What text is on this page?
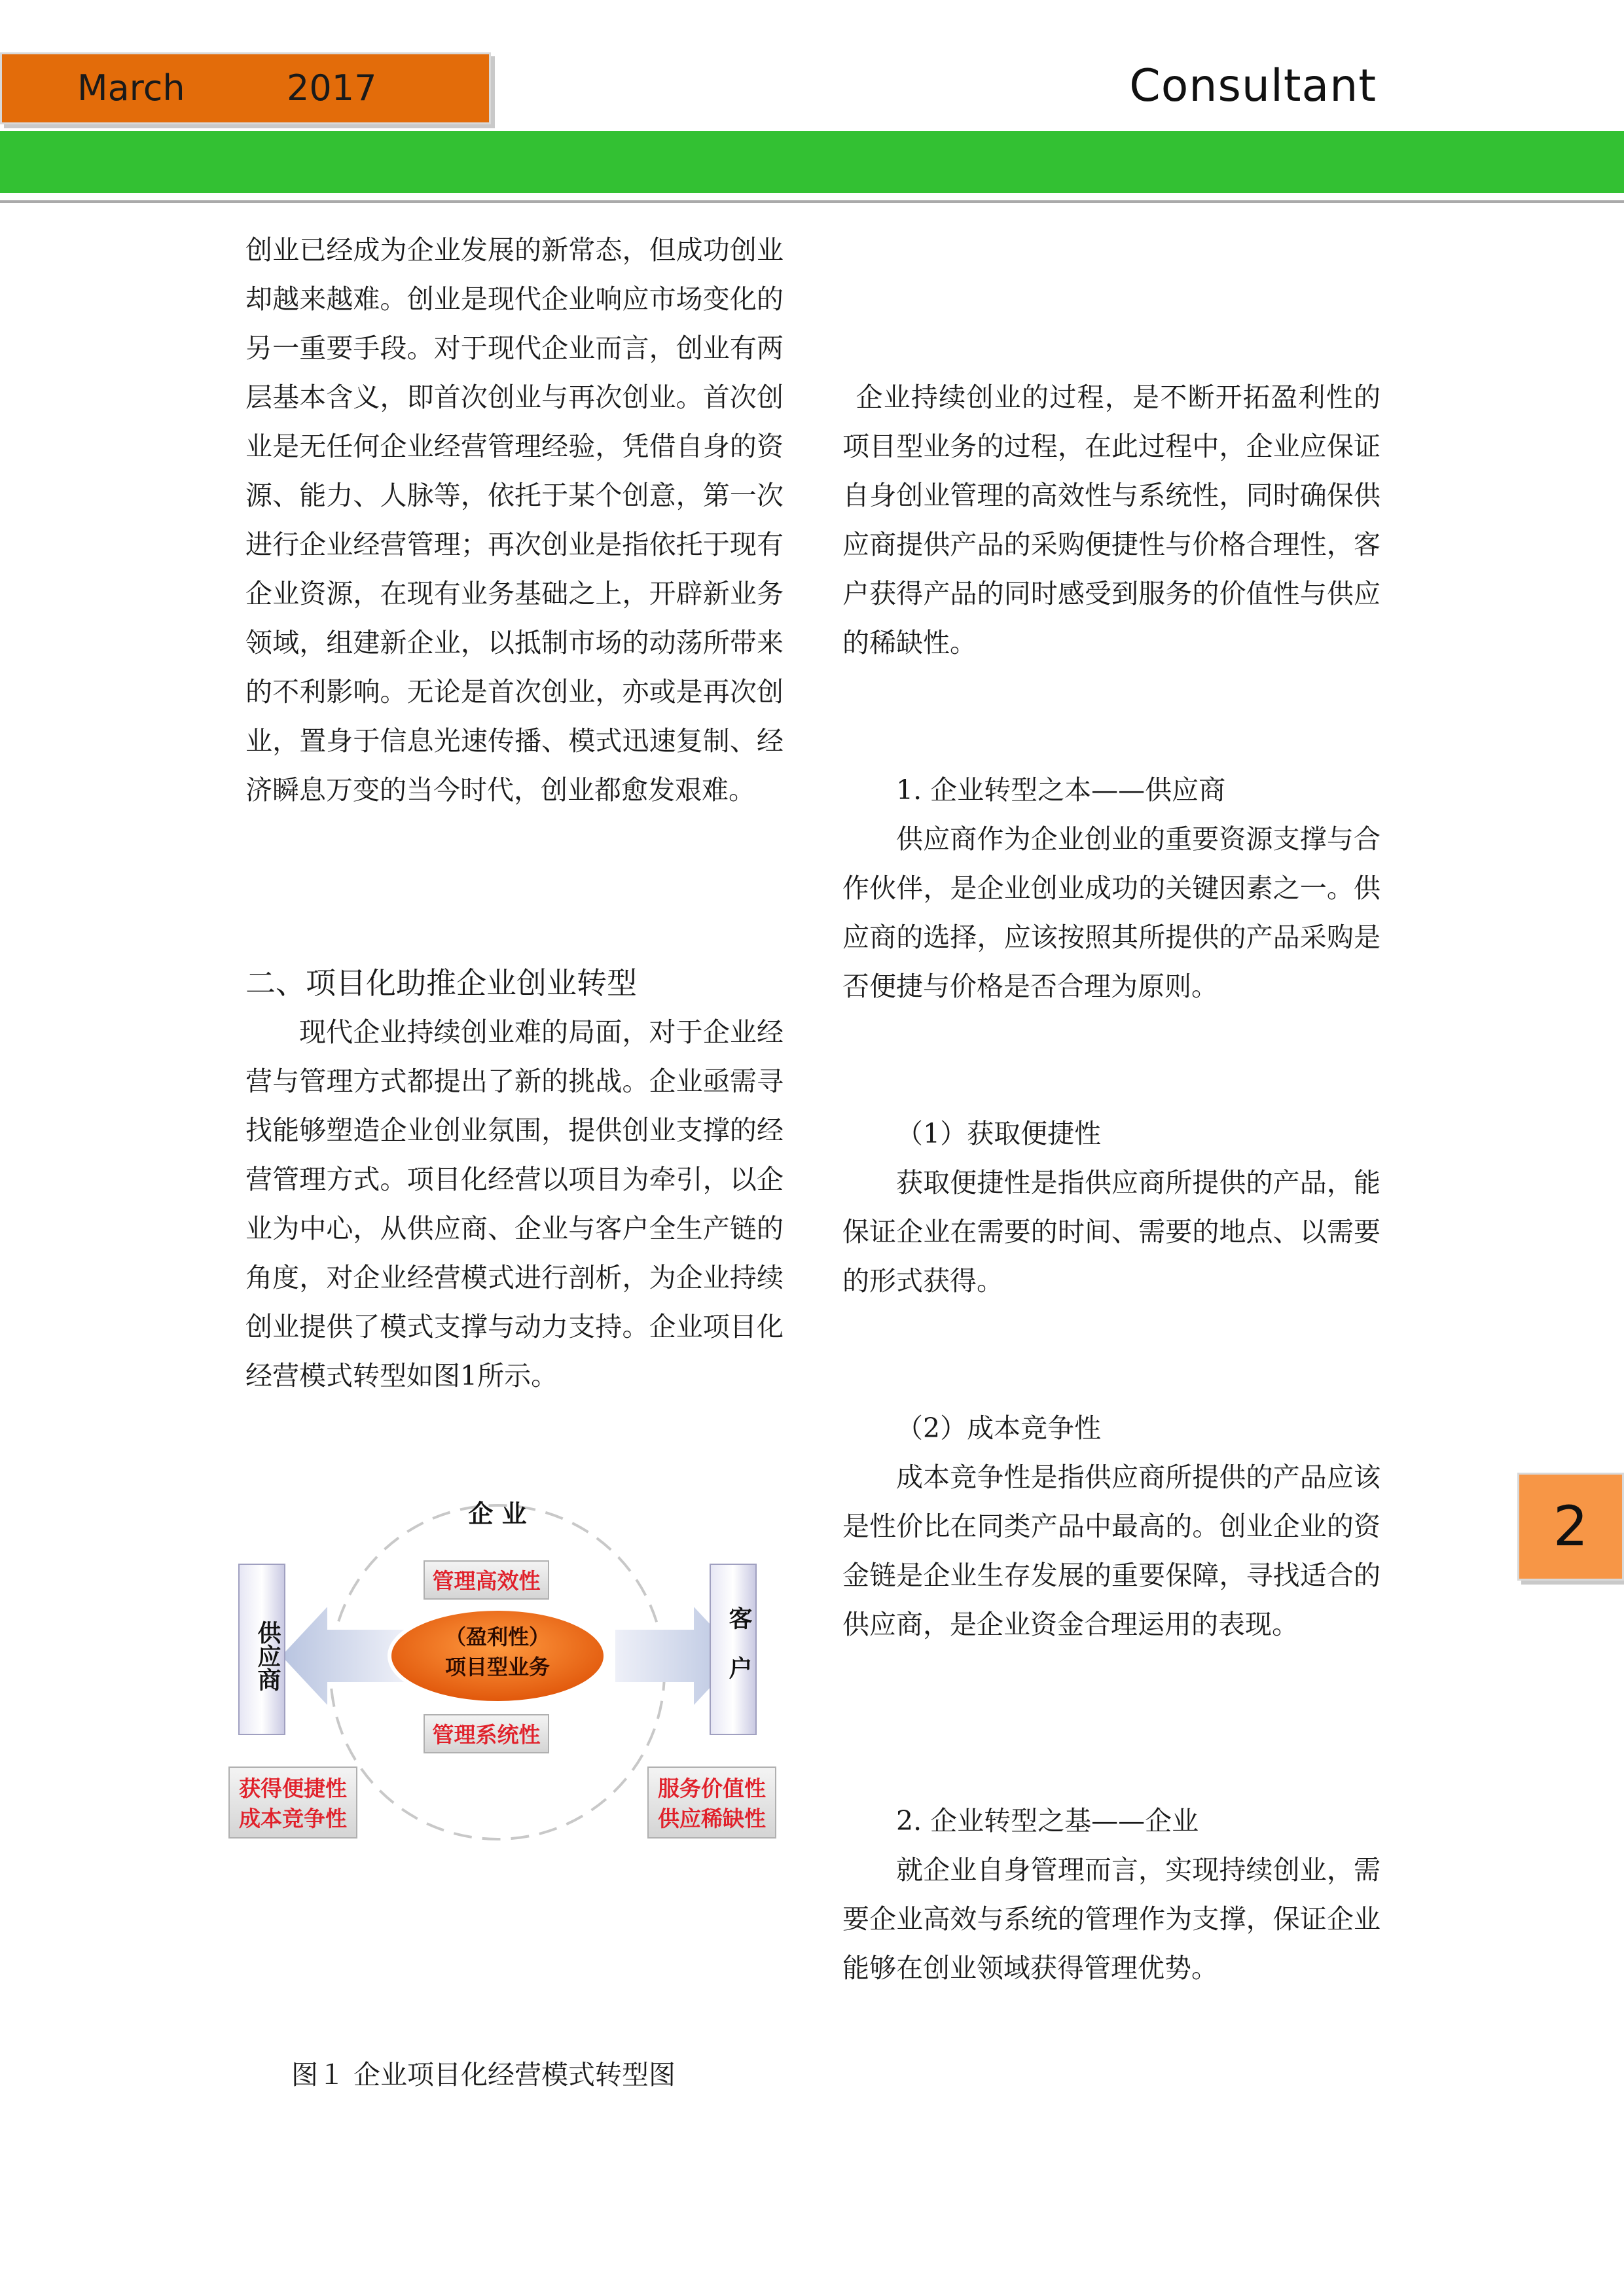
March	2017	Consultant

创业已经成为企业发展的新常态，但成功创业却越来越难。创业是现代企业响应市场变化的另一重要手段。对于现代企业而言，创业有两层基本含义，即首次创业与再次创业。首次创业是无任何企业经营管理经验，凭借自身的资源、能力、人脉等，依托于某个创意，第一次进行企业经营管理；再次创业是指依托于现有企业资源，在现有业务基础之上，开辟新业务领域，组建新企业，以抵制市场的动荡所带来的不利影响。无论是首次创业，亦或是再次创业，置身于信息光速传播、模式迅速复制、经济瞬息万变的当今时代，创业都愈发艰难。

二、项目化助推企业创业转型

现代企业持续创业难的局面，对于企业经营与管理方式都提出了新的挑战。企业亟需寻找能够塑造企业创业氛围，提供创业支撑的经营管理方式。项目化经营以项目为牵引，以企业为中心，从供应商、企业与客户全生产链的角度，对企业经营模式进行剖析，为企业持续创业提供了模式支撑与动力支持。企业项目化经营模式转型如图1所示。

企 业
管理高效性
管理系统性
（盈利性）
项目型业务
供应商	客户
获得便捷性
成本竞争性
服务价值性
供应稀缺性
图１ 企业项目化经营模式转型图

企业持续创业的过程，是不断开拓盈利性的项目型业务的过程，在此过程中，企业应保证自身创业管理的高效性与系统性，同时确保供应商提供产品的采购便捷性与价格合理性，客户获得产品的同时感受到服务的价值性与供应的稀缺性。

1. 企业转型之本——供应商

供应商作为企业创业的重要资源支撑与合作伙伴，是企业创业成功的关键因素之一。供应商的选择，应该按照其所提供的产品采购是否便捷与价格是否合理为原则。

（1）获取便捷性

获取便捷性是指供应商所提供的产品，能保证企业在需要的时间、需要的地点、以需要的形式获得。

（2）成本竞争性

成本竞争性是指供应商所提供的产品应该是性价比在同类产品中最高的。创业企业的资金链是企业生存发展的重要保障，寻找适合的供应商，是企业资金合理运用的表现。

2. 企业转型之基——企业

就企业自身管理而言，实现持续创业，需要企业高效与系统的管理作为支撑，保证企业能够在创业领域获得管理优势。

2
